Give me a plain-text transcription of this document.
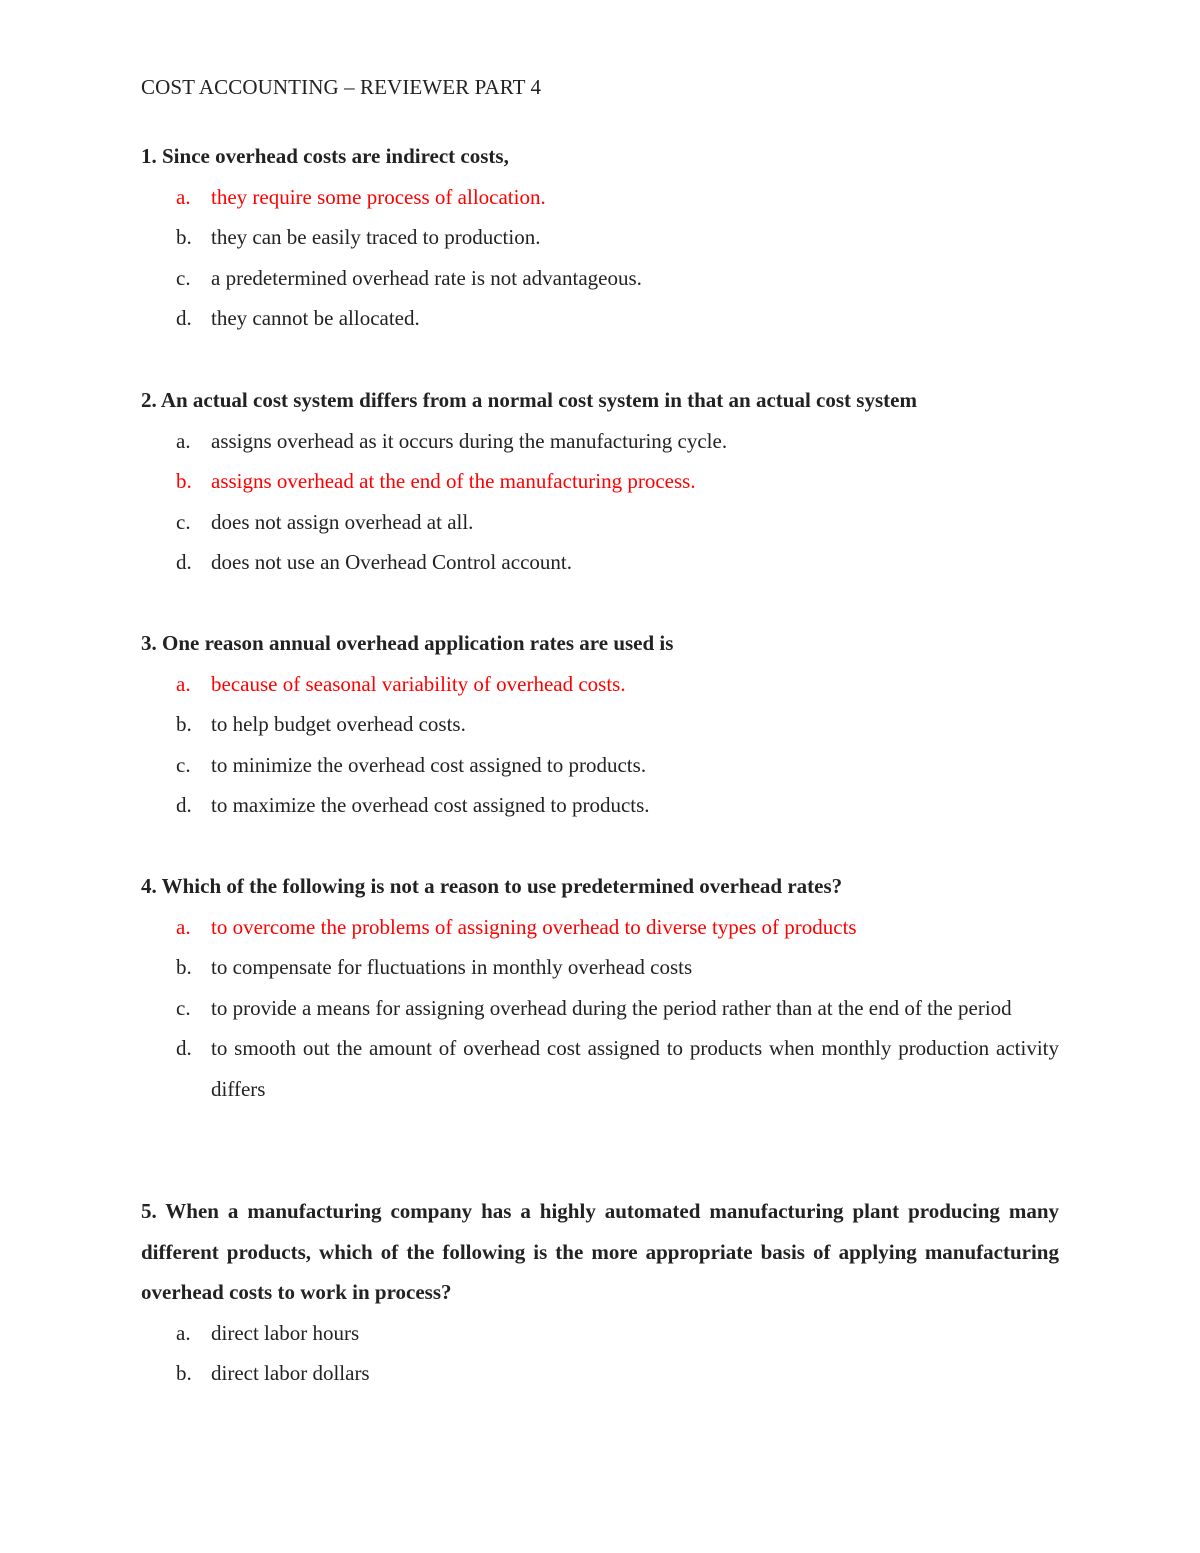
COST ACCOUNTING – REVIEWER PART 4

1. Since overhead costs are indirect costs,

a. they require some process of allocation.
b. they can be easily traced to production.
c. a predetermined overhead rate is not advantageous.
d. they cannot be allocated.

2. An actual cost system differs from a normal cost system in that an actual cost system

a. assigns overhead as it occurs during the manufacturing cycle.
b. assigns overhead at the end of the manufacturing process.
c. does not assign overhead at all.
d. does not use an Overhead Control account.

3. One reason annual overhead application rates are used is

a. because of seasonal variability of overhead costs.
b. to help budget overhead costs.
c. to minimize the overhead cost assigned to products.
d. to maximize the overhead cost assigned to products.

4. Which of the following is not a reason to use predetermined overhead rates?

a. to overcome the problems of assigning overhead to diverse types of products
b. to compensate for fluctuations in monthly overhead costs
c. to provide a means for assigning overhead during the period rather than at the end of the period
d. to smooth out the amount of overhead cost assigned to products when monthly production activity differs

5. When a manufacturing company has a highly automated manufacturing plant producing many different products, which of the following is the more appropriate basis of applying manufacturing overhead costs to work in process?

a. direct labor hours
b. direct labor dollars
